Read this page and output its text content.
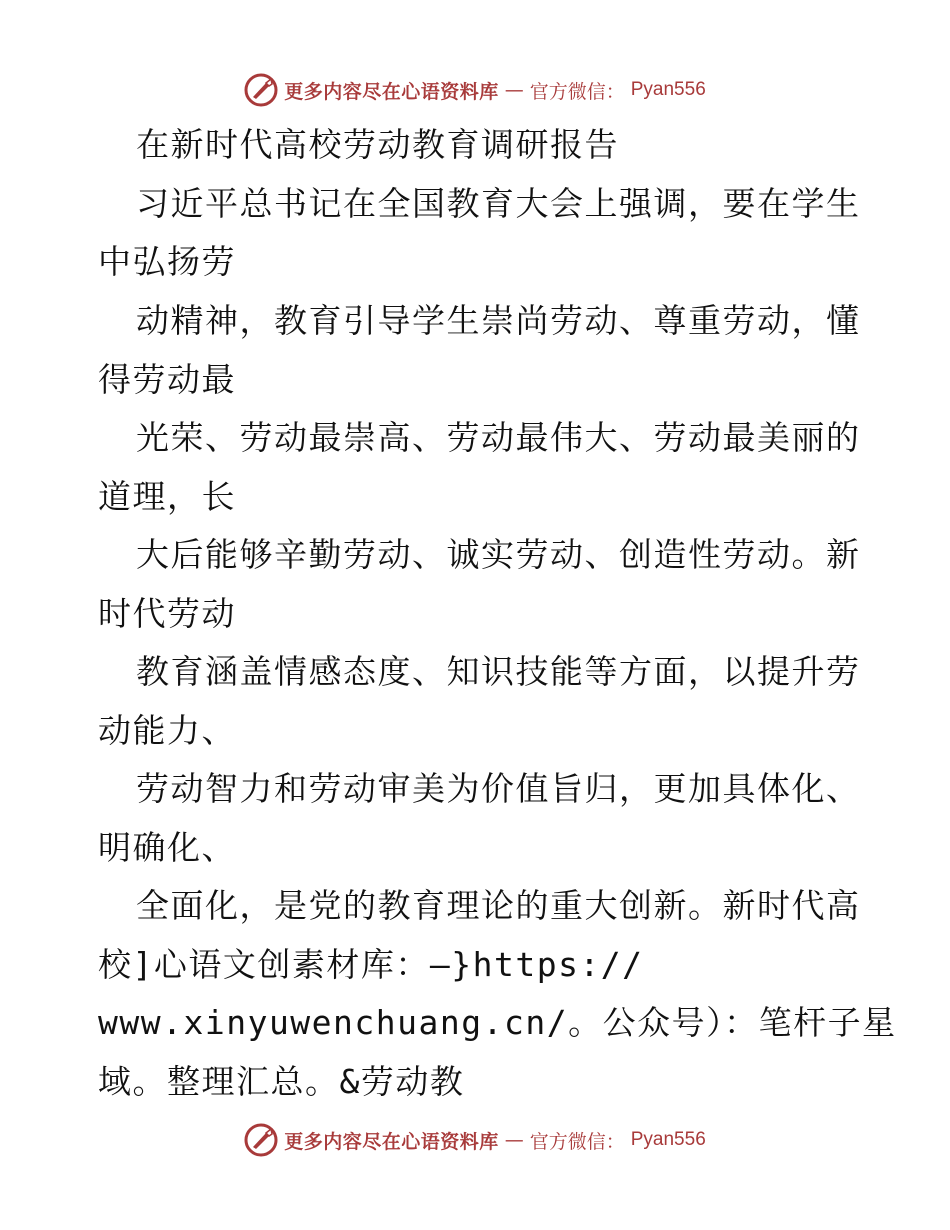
更多内容尽在心语资料库 — 官方微信： Pyan556
在新时代高校劳动教育调研报告
习近平总书记在全国教育大会上强调，要在学生
中弘扬劳
动精神，教育引导学生崇尚劳动、尊重劳动，懂
得劳动最
光荣、劳动最崇高、劳动最伟大、劳动最美丽的
道理，长
大后能够辛勤劳动、诚实劳动、创造性劳动。新
时代劳动
教育涵盖情感态度、知识技能等方面，以提升劳
动能力、
劳动智力和劳动审美为价值旨归，更加具体化、
明确化、
全面化，是党的教育理论的重大创新。新时代高
校]心语文创素材库：—}https://
www.xinyuwenchuang.cn/。公众号）：笔杆子星
域。整理汇总。&劳动教
更多内容尽在心语资料库 — 官方微信： Pyan556
